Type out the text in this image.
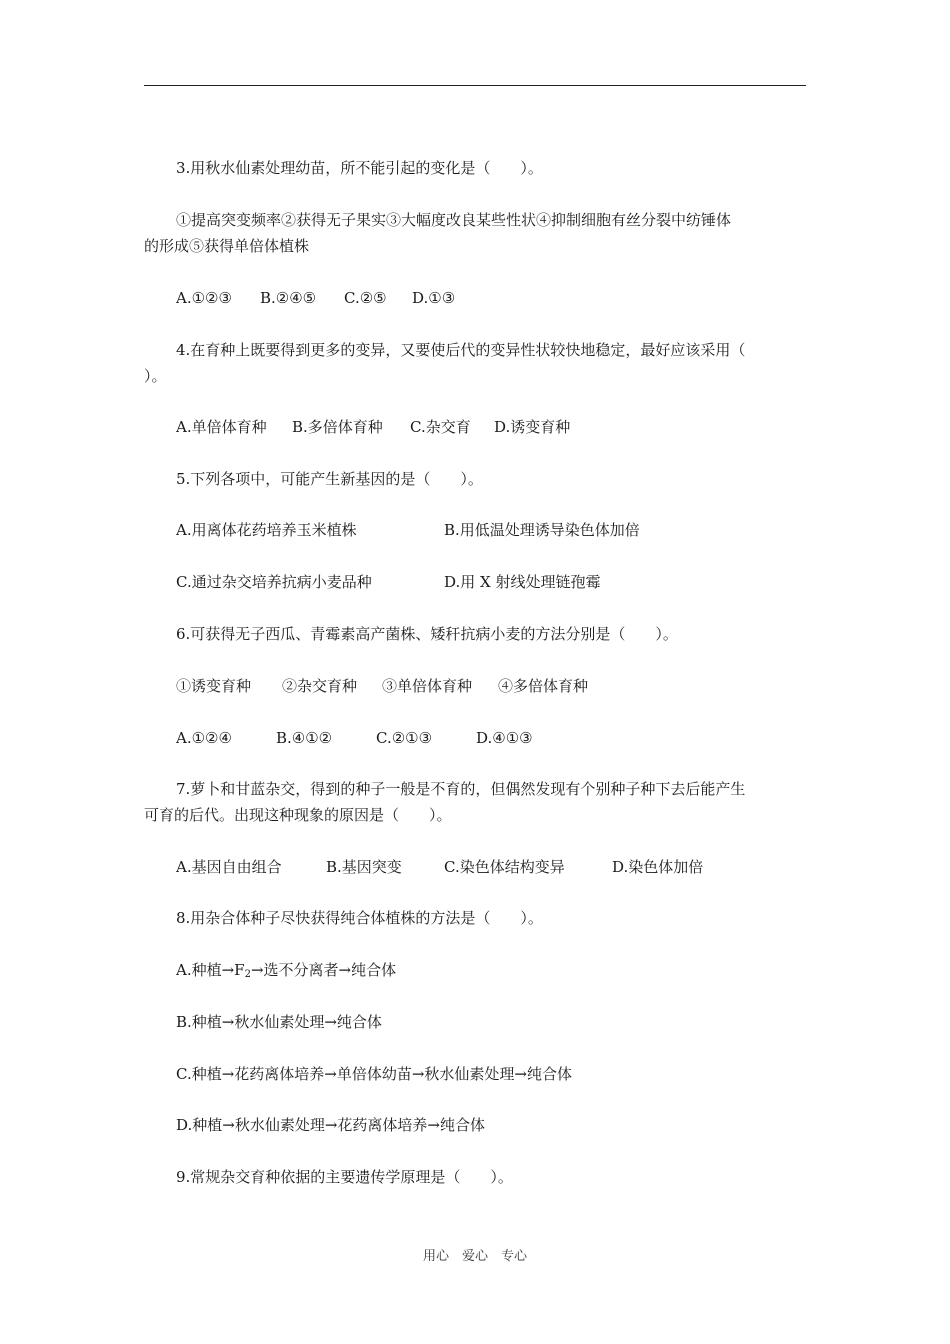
3.用秋水仙素处理幼苗，所不能引起的变化是（　　）。
①提高突变频率②获得无子果实③大幅度改良某些性状④抑制细胞有丝分裂中纺锤体
的形成⑤获得单倍体植株
A.①②③ B.②④⑤ C.②⑤ D.①③
4.在育种上既要得到更多的变异，又要使后代的变异性状较快地稳定，最好应该采用（
）。
A.单倍体育种 B.多倍体育种 C.杂交育 D.诱变育种
5.下列各项中，可能产生新基因的是（　　）。
A.用离体花药培养玉米植株	B.用低温处理诱导染色体加倍
C.通过杂交培养抗病小麦品种	D.用 X 射线处理链孢霉
6.可获得无子西瓜、青霉素高产菌株、矮秆抗病小麦的方法分别是（　　）。
①诱变育种 ②杂交育种 ③单倍体育种 ④多倍体育种
A.①②④	B.④①②	C.②①③	D.④①③
7.萝卜和甘蓝杂交，得到的种子一般是不育的，但偶然发现有个别种子种下去后能产生
可育的后代。出现这种现象的原因是（　　）。
A.基因自由组合	B.基因突变	C.染色体结构变异	D.染色体加倍
8.用杂合体种子尽快获得纯合体植株的方法是（　　）。
A.种植$\to F_2\to$选不分离者→纯合体
B.种植→秋水仙素处理→纯合体
C.种植→花药离体培养→单倍体幼苗→秋水仙素处理→纯合体
D.种植→秋水仙素处理→花药离体培养→纯合体
9.常规杂交育种依据的主要遗传学原理是（　　）。
用心　爱心　专心
